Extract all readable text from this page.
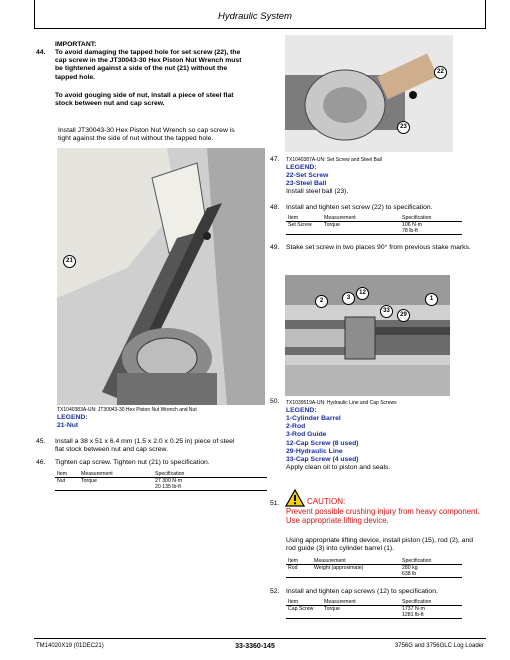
Hydraulic System
IMPORTANT:
44. To avoid damaging the tapped hole for set screw (22), the
cap screw in the JT30043-30 Hex Piston Nut Wrench must
be tightened against a side of the nut (21) without the
tapped hole.
To avoid gouging side of nut, install a piece of steel flat
stock between nut and cap screw.
Install JT30043-30 Hex Piston Nut Wrench so cap screw is
tight against the side of nut without the tapped hole.
21
TX1040383A-UN: JT30043-30 Hex Piston Nut Wrench and Nut
LEGEND:
21-Nut
45. Install a 38 x 51 x 6.4 mm (1.5 x 2.0 x 0.25 in) piece of steel
flat stock between nut and cap screw.
46. Tighten cap screw. Tighten nut (21) to specification.
Item	Measurement	Specification
Nut	Torque	27 300 N·m
20 135 lb-ft
22
23
47. TX1040387A-UN: Set Screw and Steel Ball
LEGEND:
22-Set Screw
23-Steel Ball
Install steel ball (23).
48. Install and tighten set screw (22) to specification.
Item	Measurement	Specification
Set Screw	Torque	106 N·m
78 lb-ft
49. Stake set screw in two places 90° from previous stake marks.
2	3
12
33
29
1
50. TX1039519A-UN: Hydraulic Line and Cap Screws
LEGEND:
1-Cylinder Barrel
2-Rod
3-Rod Guide
12-Cap Screw (8 used)
29-Hydraulic Line
33-Cap Screw (4 used)
Apply clean oil to piston and seals.
51.	CAUTION:
Prevent possible crushing injury from heavy component.
Use appropriate lifting device.
Using appropriate lifting device, install piston (15), rod (2), and
rod guide (3) into cylinder barrel (1).
Item	Measurement	Specification
Rod	Weight (approximate)	280 kg
638 lb
52. Install and tighten cap screws (12) to specification.
Item	Measurement	Specification
Cap Screw	Torque	1737 N·m
1281 lb-ft
TM14020X19 (01DEC21)	33-3360-145	3756G and 3756GLC Log Loader
